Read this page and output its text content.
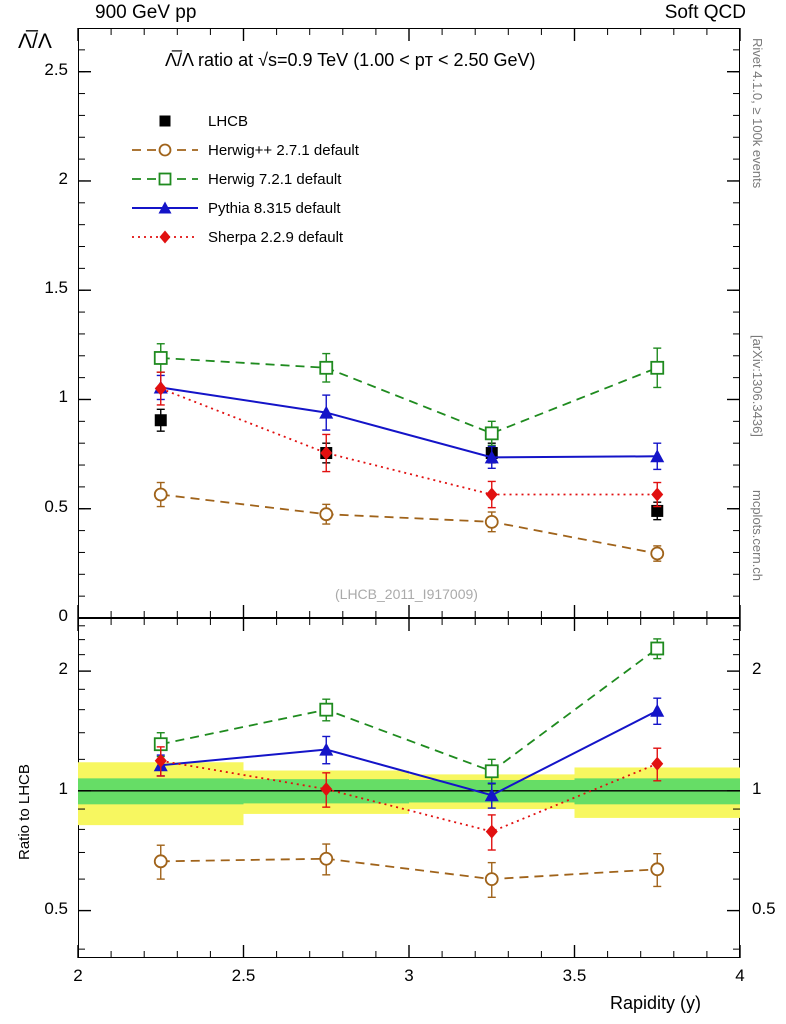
900 GeV pp	Soft QCD
Rivet 4.1.0, ≥ 100k events
[arXiv:1306.3436]
mcplots.cern.ch
Λ̅/Λ
Ratio to LHCB
Rapidity (y)
Λ̅/Λ ratio at √s=0.9 TeV (1.00 < pᴛ < 2.50 GeV)
(LHCB_2011_I917009)
LHCB
Herwig++ 2.7.1 default
Herwig 7.2.1 default
Pythia 8.315 default
Sherpa 2.2.9 default
0
0.5
1
1.5
2
2.5
0.5	0.5
1	1
2	2
2	2.5	3	3.5	4
